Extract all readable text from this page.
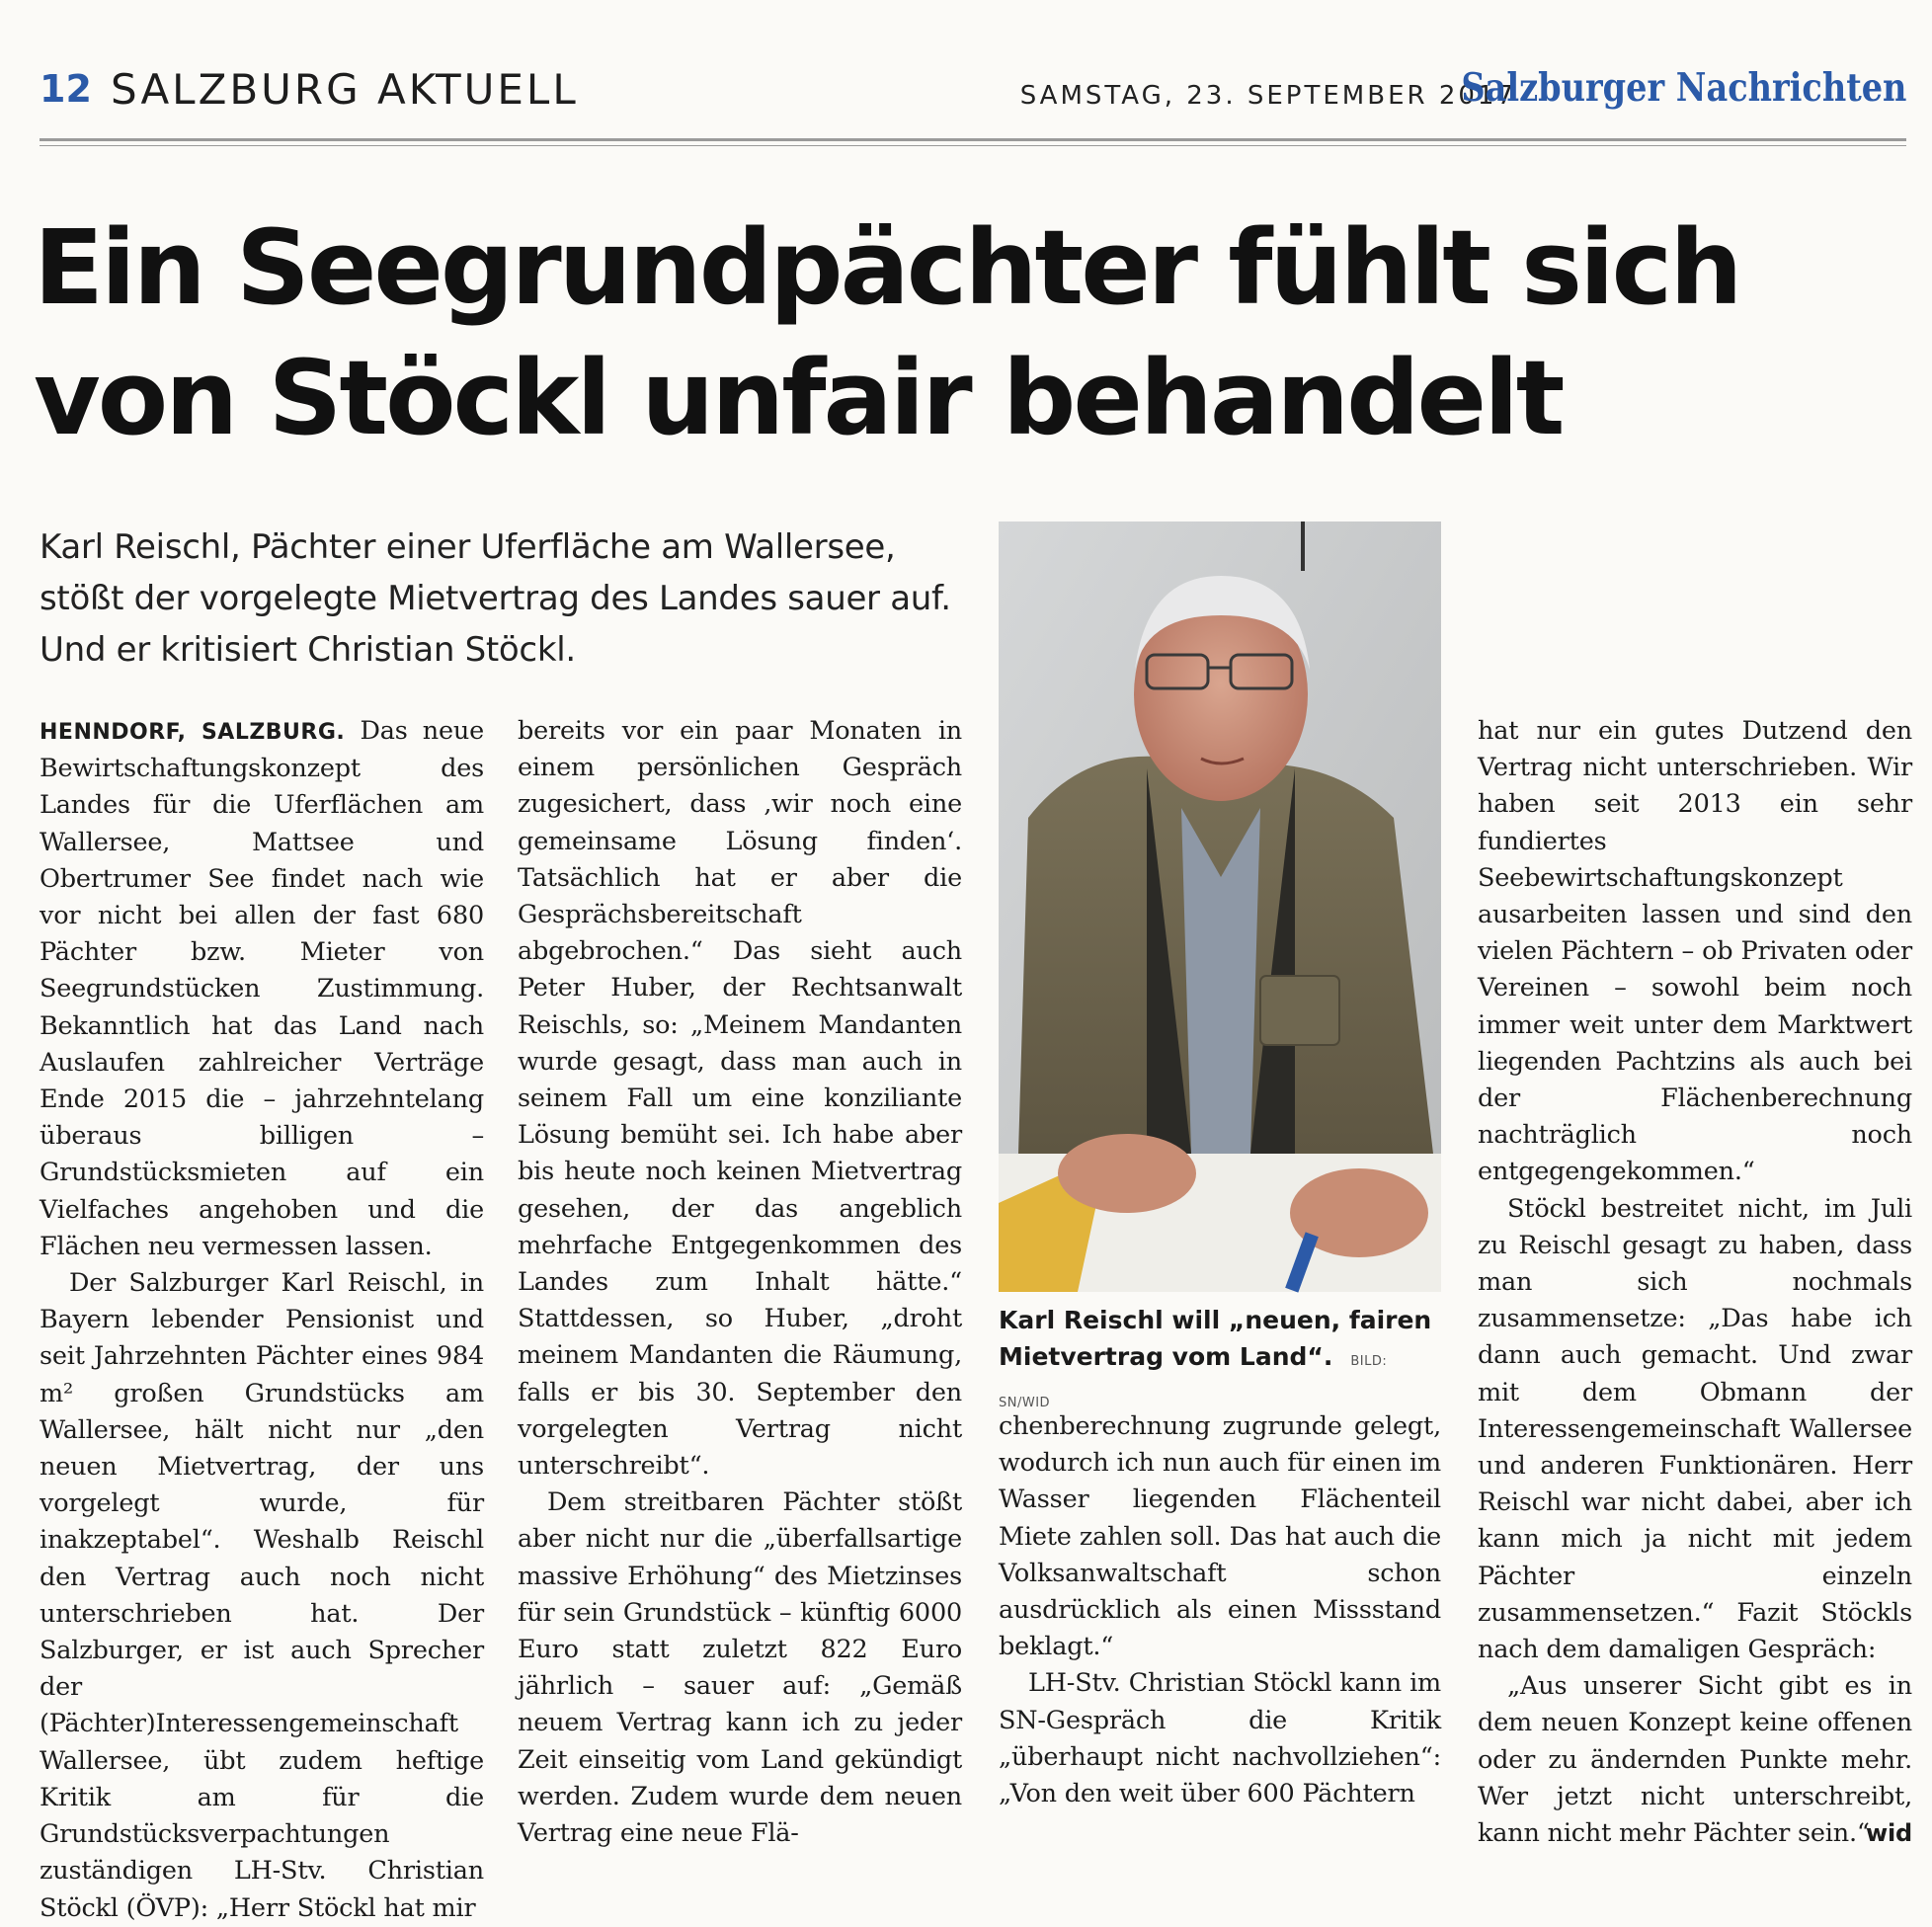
12 SALZBURG AKTUELL	SAMSTAG, 23. SEPTEMBER 2017
Salzburger Nachrichten
Ein Seegrundpächter fühlt sich
von Stöckl unfair behandelt
Karl Reischl, Pächter einer Uferfläche am Wallersee, stößt der vorgelegte Mietvertrag des Landes sauer auf. Und er kritisiert Christian Stöckl.

HENNDORF, SALZBURG. Das neue Bewirtschaftungskonzept des Landes für die Uferflächen am Wallersee, Mattsee und Obertrumer See findet nach wie vor nicht bei allen der fast 680 Pächter bzw. Mieter von Seegrundstücken Zustimmung. Bekanntlich hat das Land nach Auslaufen zahlreicher Verträge Ende 2015 die – jahrzehntelang überaus billigen – Grundstücksmieten auf ein Vielfaches angehoben und die Flächen neu vermessen lassen.

Der Salzburger Karl Reischl, in Bayern lebender Pensionist und seit Jahrzehnten Pächter eines 984 m² großen Grundstücks am Wallersee, hält nicht nur „den neuen Mietvertrag, der uns vorgelegt wurde, für inakzeptabel“. Weshalb Reischl den Vertrag auch noch nicht unterschrieben hat. Der Salzburger, er ist auch Sprecher der (Pächter)Interessengemeinschaft Wallersee, übt zudem heftige Kritik am für die Grundstücksverpachtungen zuständigen LH-Stv. Christian Stöckl (ÖVP): „Herr Stöckl hat mir

bereits vor ein paar Monaten in einem persönlichen Gespräch zugesichert, dass ‚wir noch eine gemeinsame Lösung finden‘. Tatsächlich hat er aber die Gesprächsbereitschaft abgebrochen.“ Das sieht auch Peter Huber, der Rechtsanwalt Reischls, so: „Meinem Mandanten wurde gesagt, dass man auch in seinem Fall um eine konziliante Lösung bemüht sei. Ich habe aber bis heute noch keinen Mietvertrag gesehen, der das angeblich mehrfache Entgegenkommen des Landes zum Inhalt hätte.“ Stattdessen, so Huber, „droht meinem Mandanten die Räumung, falls er bis 30. September den vorgelegten Vertrag nicht unterschreibt“.

Dem streitbaren Pächter stößt aber nicht nur die „überfallsartige massive Erhöhung“ des Mietzinses für sein Grundstück – künftig 6000 Euro statt zuletzt 822 Euro jährlich – sauer auf: „Gemäß neuem Vertrag kann ich zu jeder Zeit einseitig vom Land gekündigt werden. Zudem wurde dem neuen Vertrag eine neue Flä-

Karl Reischl will „neuen, fairen Mietvertrag vom Land“. BILD: SN/WID

chenberechnung zugrunde gelegt, wodurch ich nun auch für einen im Wasser liegenden Flächenteil Miete zahlen soll. Das hat auch die Volksanwaltschaft schon ausdrücklich als einen Missstand beklagt.“

LH-Stv. Christian Stöckl kann im SN-Gespräch die Kritik „überhaupt nicht nachvollziehen“: „Von den weit über 600 Pächtern

hat nur ein gutes Dutzend den Vertrag nicht unterschrieben. Wir haben seit 2013 ein sehr fundiertes Seebewirtschaftungskonzept ausarbeiten lassen und sind den vielen Pächtern – ob Privaten oder Vereinen – sowohl beim noch immer weit unter dem Marktwert liegenden Pachtzins als auch bei der Flächenberechnung nachträglich noch entgegengekommen.“

Stöckl bestreitet nicht, im Juli zu Reischl gesagt zu haben, dass man sich nochmals zusammensetze: „Das habe ich dann auch gemacht. Und zwar mit dem Obmann der Interessengemeinschaft Wallersee und anderen Funktionären. Herr Reischl war nicht dabei, aber ich kann mich ja nicht mit jedem Pächter einzeln zusammensetzen.“ Fazit Stöckls nach dem damaligen Gespräch:

„Aus unserer Sicht gibt es in dem neuen Konzept keine offenen oder zu ändernden Punkte mehr. Wer jetzt nicht unterschreibt, kann nicht mehr Pächter sein.“

wid
